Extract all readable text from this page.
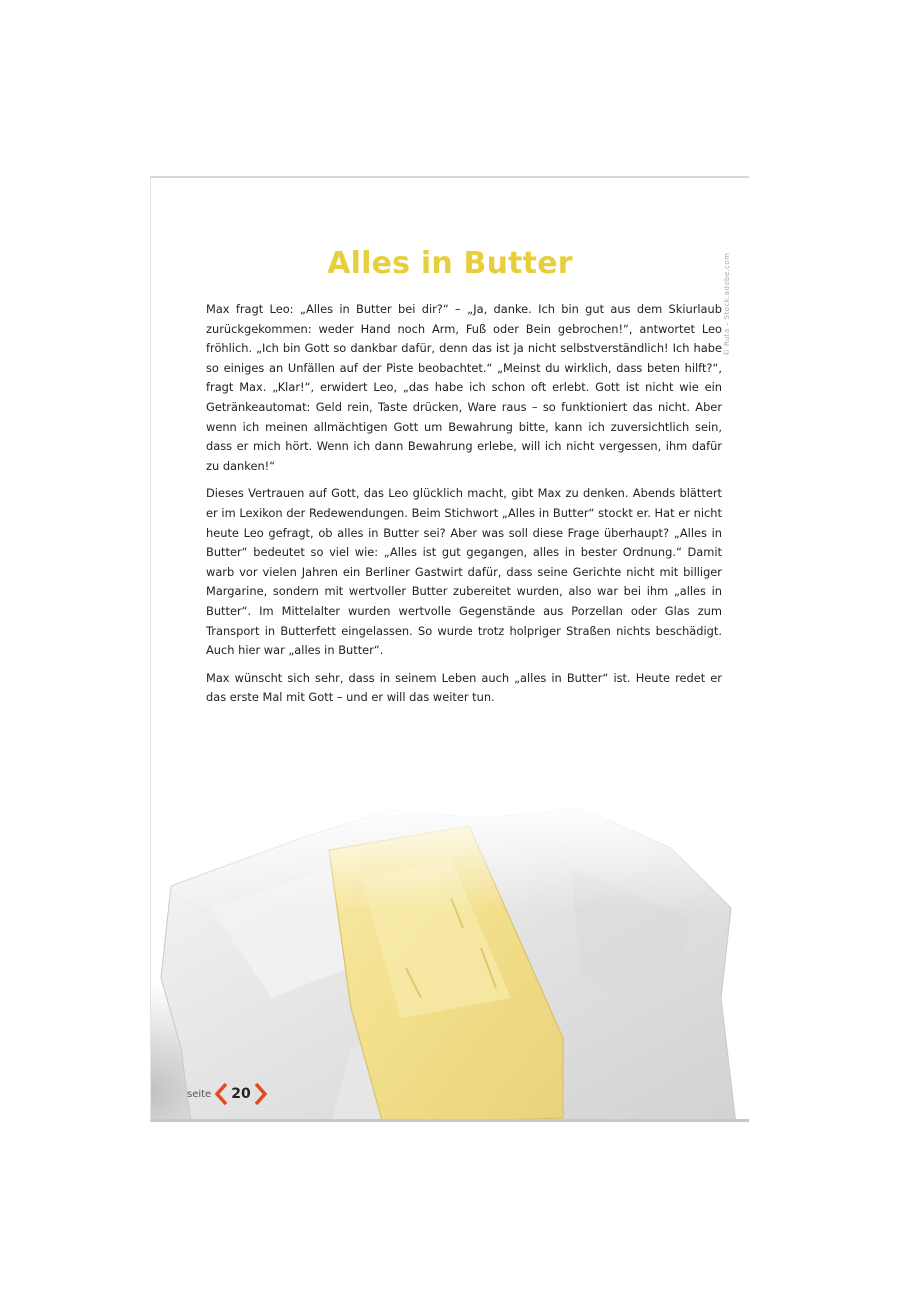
© Ruta – Stock.adobe.com
Alles in Butter

Max fragt Leo: „Alles in Butter bei dir?“ – „Ja, danke. Ich bin gut aus dem Skiurlaub zurückgekommen: weder Hand noch Arm, Fuß oder Bein gebrochen!“, antwortet Leo fröhlich. „Ich bin Gott so dankbar dafür, denn das ist ja nicht selbstverständlich! Ich habe so einiges an Unfällen auf der Piste beobachtet.“ „Meinst du wirklich, dass beten hilft?“, fragt Max. „Klar!“, erwidert Leo, „das habe ich schon oft erlebt. Gott ist nicht wie ein Getränkeautomat: Geld rein, Taste drücken, Ware raus – so funktioniert das nicht. Aber wenn ich meinen allmächtigen Gott um Bewahrung bitte, kann ich zuversichtlich sein, dass er mich hört. Wenn ich dann Bewahrung erlebe, will ich nicht vergessen, ihm dafür zu danken!“

Dieses Vertrauen auf Gott, das Leo glücklich macht, gibt Max zu denken. Abends blättert er im Lexikon der Redewendungen. Beim Stichwort „Alles in Butter“ stockt er. Hat er nicht heute Leo gefragt, ob alles in Butter sei? Aber was soll diese Frage überhaupt? „Alles in Butter“ bedeutet so viel wie: „Alles ist gut gegangen, alles in bester Ordnung.“ Damit warb vor vielen Jahren ein Berliner Gastwirt dafür, dass seine Gerichte nicht mit billiger Margarine, sondern mit wertvoller Butter zubereitet wurden, also war bei ihm „alles in Butter“. Im Mittelalter wurden wertvolle Gegenstände aus Porzellan oder Glas zum Transport in Butterfett eingelassen. So wurde trotz holpriger Straßen nichts beschädigt. Auch hier war „alles in Butter“.

Max wünscht sich sehr, dass in seinem Leben auch „alles in Butter“ ist. Heute redet er das erste Mal mit Gott – und er will das weiter tun.

seite 20
